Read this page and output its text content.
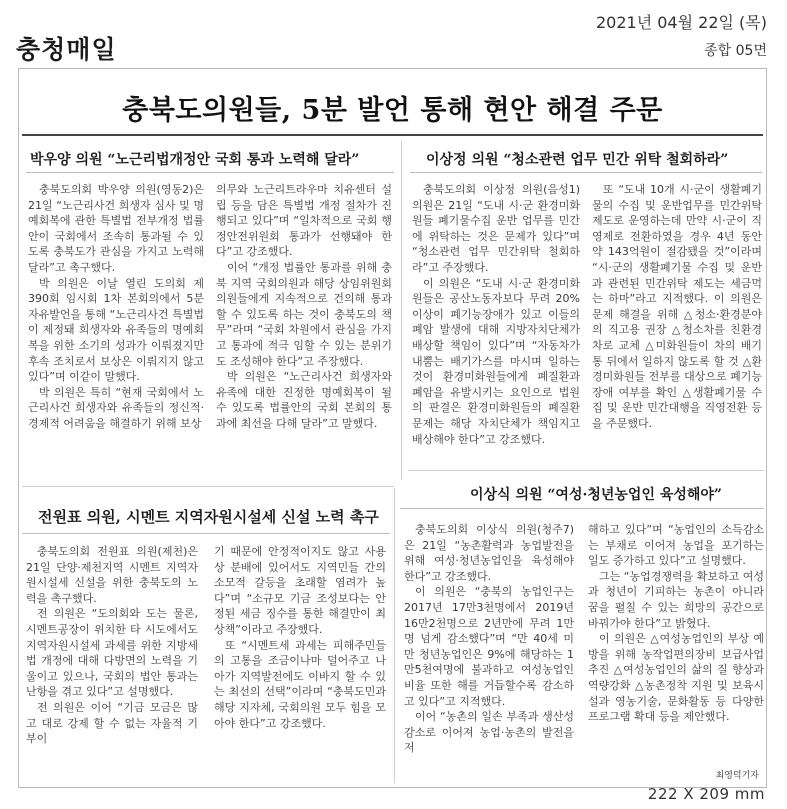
충청매일
2021년 04월 22일 (목)
종합 05면
충북도의원들, 5분 발언 통해 현안 해결 주문
박우양 의원 “노근리법개정안 국회 통과 노력해 달라”

충북도의회 박우양 의원(영동2)은 21일 “노근리사건 희생자 심사 및 명예회복에 관한 특별법 전부개정 법률안이 국회에서 조속히 통과될 수 있도록 충북도가 관심을 가지고 노력해 달라”고 촉구했다.

박 의원은 이날 열린 도의회 제390회 임시회 1차 본회의에서 5분 자유발언을 통해 “노근리사건 특별법이 제정돼 희생자와 유족들의 명예회복을 위한 소기의 성과가 이뤄졌지만 후속 조치로서 보상은 이뤄지지 않고 있다”며 이같이 말했다.

박 의원은 특히 “현재 국회에서 노근리사건 희생자와 유족들의 정신적·경제적 어려움을 해결하기 위해 보상

의무와 노근리트라우마 치유센터 설립 등을 담은 특별법 개정 절차가 진행되고 있다”며 “일차적으로 국회 행정안전위원회 통과가 선행돼야 한다”고 강조했다.

이어 “개정 법률안 통과를 위해 충북 지역 국회의원과 해당 상임위원회 의원들에게 지속적으로 건의해 통과할 수 있도록 하는 것이 충북도의 책무”라며 “국회 차원에서 관심을 가지고 통과에 적극 임할 수 있는 분위기도 조성해야 한다”고 주장했다.

박 의원은 “노근리사건 희생자와 유족에 대한 진정한 명예회복이 될 수 있도록 법률안의 국회 본회의 통과에 최선을 다해 달라”고 말했다.

이상정 의원 “청소관련 업무 민간 위탁 철회하라”

충북도의회 이상정 의원(음성1) 의원은 21일 “도내 시·군 환경미화원들 폐기물수집 운반 업무를 민간에 위탁하는 것은 문제가 있다”며 “청소관련 업무 민간위탁 철회하라”고 주장했다.

이 의원은 “도내 시·군 환경미화원들은 공산노동자보다 무려 20% 이상이 폐기능장애가 있고 이들의 폐암 발생에 대해 지방자치단체가 배상할 책임이 있다”며 “자동차가 내뿜는 배기가스를 마시며 일하는 것이 환경미화원들에게 폐질환과 폐암을 유발시키는 요인으로 법원의 판결은 환경미화원들의 폐질환 문제는 해당 자치단체가 책임지고 배상해야 한다”고 강조했다.

또 “도내 10개 시·군이 생활폐기물의 수집 및 운반업무를 민간위탁 제도로 운영하는데 만약 시·군이 직영제로 전환하였을 경우 4년 동안 약 143억원이 절감됐을 것”이라며 “시·군의 생활폐기물 수집 및 운반과 관련된 민간위탁 제도는 세금먹는 하마”라고 지적했다. 이 의원은 문제 해결을 위해 △청소·환경분야의 직고용 권장 △청소차를 친환경차로 교체 △미화원들이 차의 배기통 뒤에서 일하지 않도록 할 것 △환경미화원들 전부를 대상으로 폐기능장애 여부를 확인 △생활폐기물 수집 및 운반 민간대행을 직영전환 등을 주문했다.

전원표 의원, 시멘트 지역자원시설세 신설 노력 촉구

충북도의회 전원표 의원(제천)은 21일 단양·제천지역 시멘트 지역자원시설세 신설을 위한 충북도의 노력을 촉구했다.

전 의원은 “도의회와 도는 물론, 시멘트공장이 위치한 타 시도에서도 지역자원시설세 과세를 위한 지방세법 개정에 대해 다방면의 노력을 기울이고 있으나, 국회의 법안 통과는 난항을 겪고 있다”고 설명했다.

전 의원은 이어 “기금 모금은 많고 대로 강제 할 수 없는 자율적 기부이

기 때문에 안정적이지도 않고 사용상 분배에 있어서도 지역민들 간의 소모적 갈등을 초래할 염려가 높다”며 “소규모 기금 조성보다는 안정된 세금 징수를 통한 해결만이 최상책”이라고 주장했다.

또 “시멘트세 과세는 피해주민들의 고통을 조금이나마 덜어주고 나아가 지역발전에도 이바지 할 수 있는 최선의 선택”이라며 “충북도민과 해당 지자체, 국회의원 모두 힘을 모아야 한다”고 강조했다.

이상식 의원 “여성·청년농업인 육성해야”

충북도의회 이상식 의원(청주7)은 21일 “농촌활력과 농업발전을 위해 여성·청년농업인을 육성해야 한다”고 강조했다.

이 의원은 “충북의 농업인구는 2017년 17만3천명에서 2019년 16만2천명으로 2년만에 무려 1만명 넘게 감소했다”며 “만 40세 미만 청년농업인은 9%에 해당하는 1만5천여명에 불과하고 여성농업인 비율 또한 해를 거듭할수록 감소하고 있다”고 지적했다.

이어 “농촌의 일손 부족과 생산성감소로 이어져 농업·농촌의 발전을 저

해하고 있다”며 “농업인의 소득감소는 부채로 이어져 농업을 포기하는 일도 증가하고 있다”고 설명했다.

그는 “농업경쟁력을 확보하고 여성과 청년이 기피하는 농촌이 아니라 꿈을 펼칠 수 있는 희망의 공간으로 바꿔가야 한다”고 밝혔다.

이 의원은 △여성농업인의 부상 예방을 위해 농작업편의장비 보급사업 추진 △여성농업인의 삶의 질 향상과 역량강화 △농촌정착 지원 및 보육시설과 영농기술, 문화활동 등 다양한 프로그램 확대 등을 제안했다.

최영덕기자
222 X 209 mm
